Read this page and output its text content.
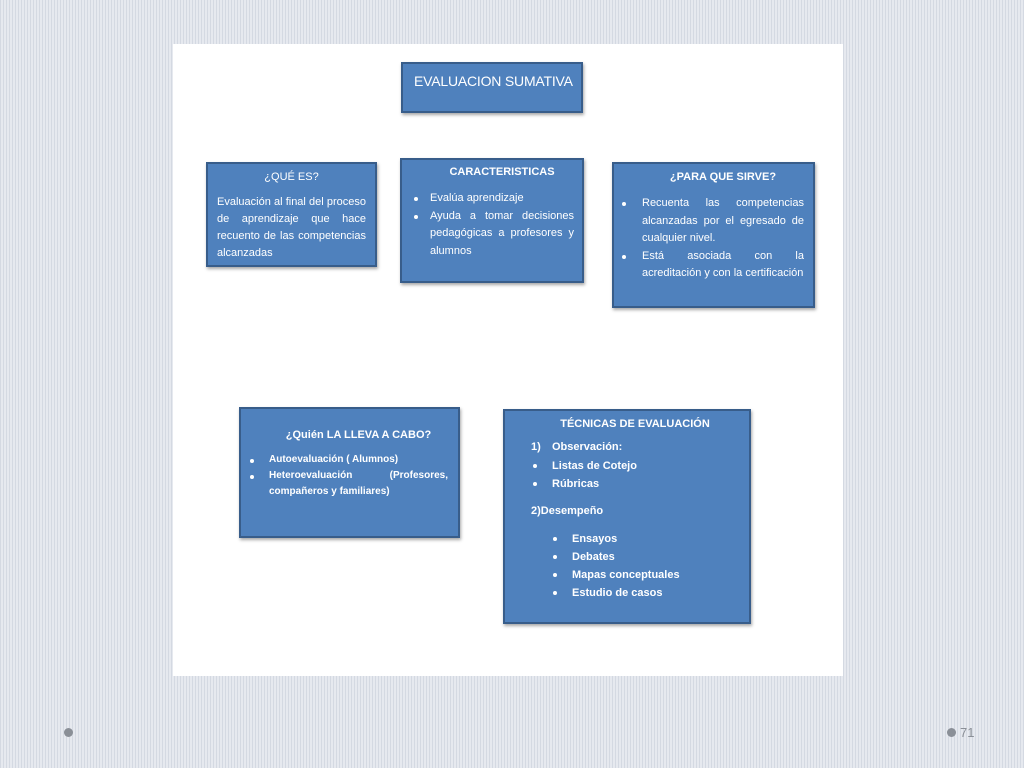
EVALUACION SUMATIVA
¿QUÉ ES?

Evaluación al final del proceso de aprendizaje que hace recuento de las competencias alcanzadas

CARACTERISTICAS
Evalúa aprendizaje
Ayuda a tomar decisiones pedagógicas a profesores y alumnos
¿PARA QUE SIRVE?
Recuenta las competencias alcanzadas por el egresado de cualquier nivel.
Está asociada con la acreditación y con la certificación
¿Quién LA LLEVA A CABO?
Autoevaluación ( Alumnos)
Heteroevaluación (Profesores, compañeros y familiares)
TÉCNICAS DE EVALUACIÓN
1) Observación:
Listas de Cotejo
Rúbricas
2)Desempeño
Ensayos
Debates
Mapas conceptuales
Estudio de casos
71
